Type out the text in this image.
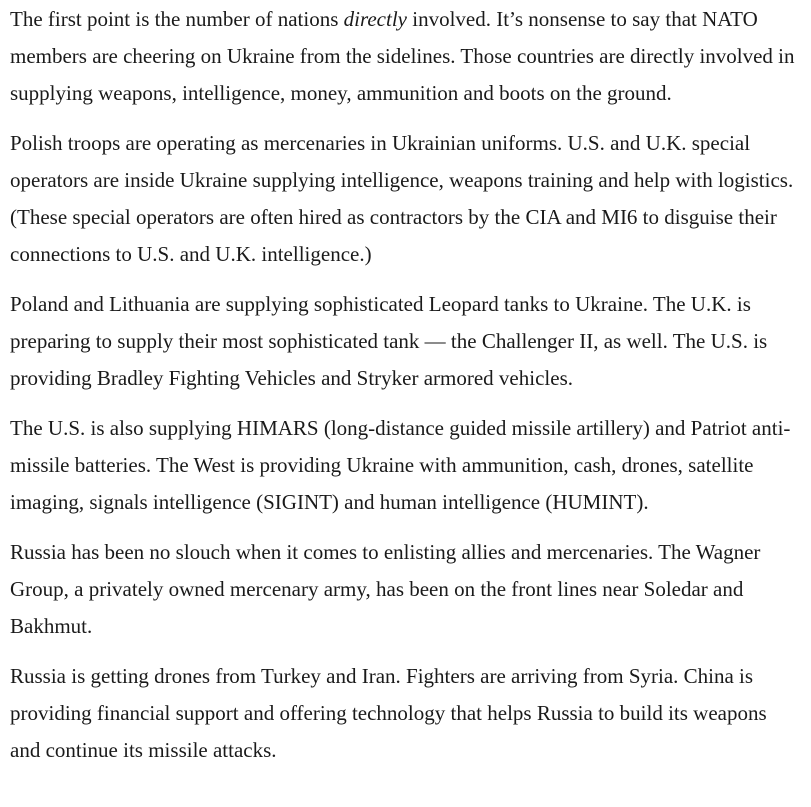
The first point is the number of nations directly involved. It’s nonsense to say that NATO members are cheering on Ukraine from the sidelines. Those countries are directly involved in supplying weapons, intelligence, money, ammunition and boots on the ground.

Polish troops are operating as mercenaries in Ukrainian uniforms. U.S. and U.K. special operators are inside Ukraine supplying intelligence, weapons training and help with logistics. (These special operators are often hired as contractors by the CIA and MI6 to disguise their connections to U.S. and U.K. intelligence.)

Poland and Lithuania are supplying sophisticated Leopard tanks to Ukraine. The U.K. is preparing to supply their most sophisticated tank — the Challenger II, as well. The U.S. is providing Bradley Fighting Vehicles and Stryker armored vehicles.

The U.S. is also supplying HIMARS (long-distance guided missile artillery) and Patriot anti-missile batteries. The West is providing Ukraine with ammunition, cash, drones, satellite imaging, signals intelligence (SIGINT) and human intelligence (HUMINT).

Russia has been no slouch when it comes to enlisting allies and mercenaries. The Wagner Group, a privately owned mercenary army, has been on the front lines near Soledar and Bakhmut.

Russia is getting drones from Turkey and Iran. Fighters are arriving from Syria. China is providing financial support and offering technology that helps Russia to build its weapons and continue its missile attacks.
